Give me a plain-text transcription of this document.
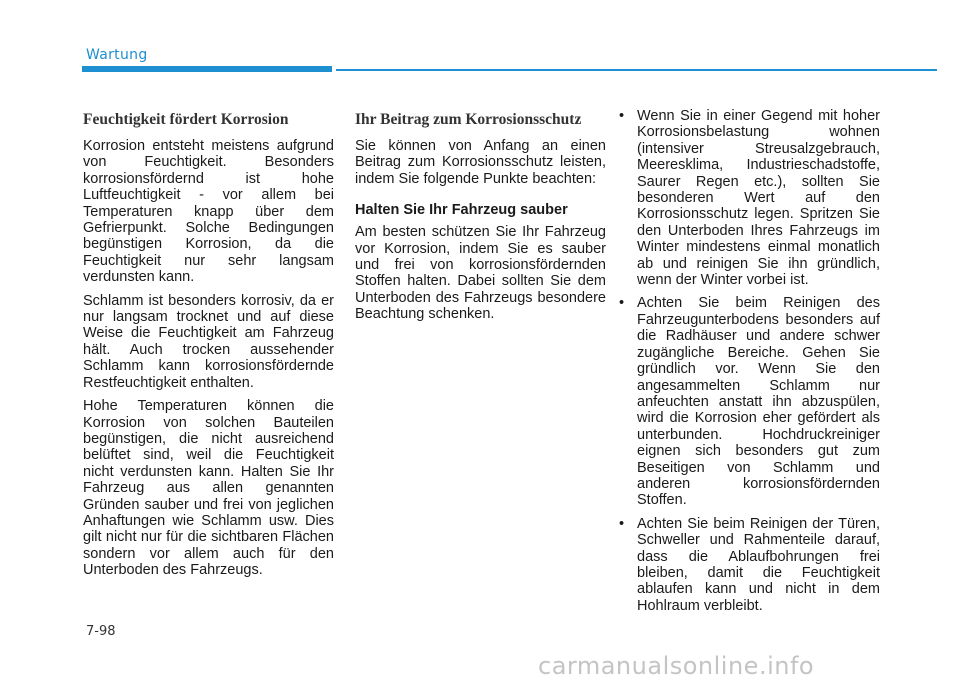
Wartung
Feuchtigkeit fördert Korrosion

Korrosion entsteht meistens aufgrund von Feuchtigkeit. Besonders korrosionsfördernd ist hohe Luftfeuchtigkeit - vor allem bei Temperaturen knapp über dem Gefrierpunkt. Solche Bedingungen begünstigen Korrosion, da die Feuchtigkeit nur sehr langsam verdunsten kann.

Schlamm ist besonders korrosiv, da er nur langsam trocknet und auf diese Weise die Feuchtigkeit am Fahrzeug hält. Auch trocken aussehender Schlamm kann korrosionsfördernde Restfeuchtigkeit enthalten.

Hohe Temperaturen können die Korrosion von solchen Bauteilen begünstigen, die nicht ausreichend belüftet sind, weil die Feuchtigkeit nicht verdunsten kann. Halten Sie Ihr Fahrzeug aus allen genannten Gründen sauber und frei von jeglichen Anhaftungen wie Schlamm usw. Dies gilt nicht nur für die sichtbaren Flächen sondern vor allem auch für den Unterboden des Fahrzeugs.

Ihr Beitrag zum Korrosionsschutz

Sie können von Anfang an einen Beitrag zum Korrosionsschutz leisten, indem Sie folgende Punkte beachten:

Halten Sie Ihr Fahrzeug sauber

Am besten schützen Sie Ihr Fahrzeug vor Korrosion, indem Sie es sauber und frei von korrosionsfördernden Stoffen halten. Dabei sollten Sie dem Unterboden des Fahrzeugs besondere Beachtung schenken.

• Wenn Sie in einer Gegend mit hoher Korrosionsbelastung wohnen (intensiver Streusalzgebrauch, Meeresklima, Industrieschadstoffe, Saurer Regen etc.), sollten Sie besonderen Wert auf den Korrosionsschutz legen. Spritzen Sie den Unterboden Ihres Fahrzeugs im Winter mindestens einmal monatlich ab und reinigen Sie ihn gründlich, wenn der Winter vorbei ist.
• Achten Sie beim Reinigen des Fahrzeugunterbodens besonders auf die Radhäuser und andere schwer zugängliche Bereiche. Gehen Sie gründlich vor. Wenn Sie den angesammelten Schlamm nur anfeuchten anstatt ihn abzuspülen, wird die Korrosion eher gefördert als unterbunden. Hochdruckreiniger eignen sich besonders gut zum Beseitigen von Schlamm und anderen korrosionsfördernden Stoffen.
• Achten Sie beim Reinigen der Türen, Schweller und Rahmenteile darauf, dass die Ablaufbohrungen frei bleiben, damit die Feuchtigkeit ablaufen kann und nicht in dem Hohlraum verbleibt.
7-98
carmanualsonline.info
